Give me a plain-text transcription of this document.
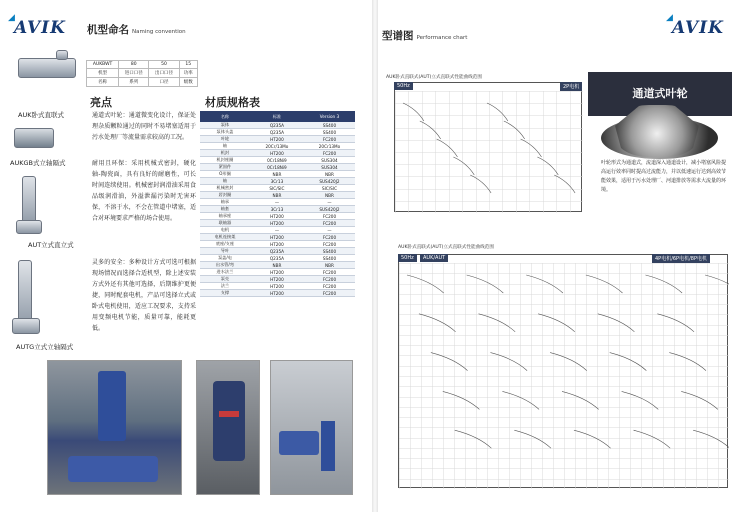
◢
AVIK 机型命名 Naming convention
AUKBWT	80	50	15
机型	进口口径	出口口径	功率
名称	系列	口径	级数
AUK卧式直联式
AUKGB式立轴隔式
AUT立式直立式
AUTG立式立轴隔式
亮点
通道式叶轮：通道微变化设计，保证处理杂质颗粒通过的同时不易堵塞适用于污水处理厂等流量需求较高的工况。
耐用且环保：采用机械式密封，硬化轴-陶瓷面，具有良好的耐磨性，可长时间连续使用。机械密封润滑油采用食品级润滑油，外溢泄漏污染时无害环保，不溶于水，不会在管道中堵塞，适合对环境要求严格的场合使用。
灵多的安全：多种设计方式可选可根据现场情况而选择合适机型，除上述安装方式外还有其他可选择，后期维护更便捷，同时配套电机，产品可选择立式或卧式电机使用，适应工况要求，支持采用变频电机节能，质量可靠，能耗更低。
材质规格表
名称	标准	Version 3
泵体	Q235A	SS400
泵体头盖	Q235A	SS400
叶轮	HT200	FC200
轴	20Cr/13Mo	20Cr13Mo
机封	HT200	FC200
机封座圈	0Cr18Ni9	SUS304
紧固件	0Cr18Ni9	SUS304
O形圈	NBR	NBR
轴	3Cr13	SUS420J2
机械密封	SIC/SIC	SIC/SIC
唇封圈	NBR	NBR
轴承	—	—
轴套	3Cr13	SUS420J2
轴承座	HT200	FC200
联轴器	HT200	FC200
电机	—	—
电机连接架	HT200	FC200
底座/支座	HT200	FC200
导叶	Q235A	SS400
泵盖/电	Q235A	SS400
出水管/弯	NBR	NBR
进水法兰	HT200	FC200
泵壳	HT200	FC200
法兰	HT200	FC200
支撑	HT200	FC200
型谱图 Performance chart
◢
AVIK
AUK卧式直联式(AUT)立式直联式性能曲线范围
50Hz	2P电机	通道式叶轮
叶轮形式为通道式，流道深入通道设计，减小堵塞风险提高运行效率同时提高过流能力，并以低速运行达到高效节能效果，适用于污水处理厂、河道排放等需求大流量的环境。
AUK卧式直联式(AUT)立式直联式性能曲线范围
50Hz	AUK/AUT	4P电机/6P电机/8P电机
